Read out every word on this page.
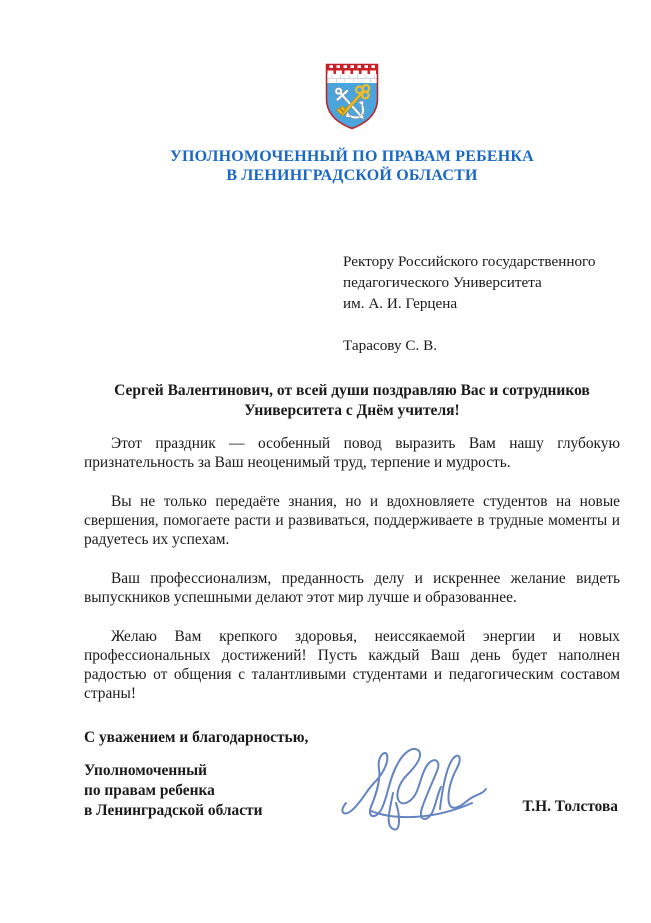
УПОЛНОМОЧЕННЫЙ ПО ПРАВАМ РЕБЕНКА
В ЛЕНИНГРАДСКОЙ ОБЛАСТИ
Ректору Российского государственного
педагогического Университета
им. А. И. Герцена
Тарасову С. В.
Сергей Валентинович, от всей души поздравляю Вас и сотрудников
Университета с Днём учителя!

Этот праздник — особенный повод выразить Вам нашу глубокую признательность за Ваш неоценимый труд, терпение и мудрость.

Вы не только передаёте знания, но и вдохновляете студентов на новые свершения, помогаете расти и развиваться, поддерживаете в трудные моменты и радуетесь их успехам.

Ваш профессионализм, преданность делу и искреннее желание видеть выпускников успешными делают этот мир лучше и образованнее.

Желаю Вам крепкого здоровья, неиссякаемой энергии и новых профессиональных достижений! Пусть каждый Ваш день будет наполнен радостью от общения с талантливыми студентами и педагогическим составом страны!

С уважением и благодарностью,
Уполномоченный
по правам ребенка
в Ленинградской области	Т.Н. Толстова
